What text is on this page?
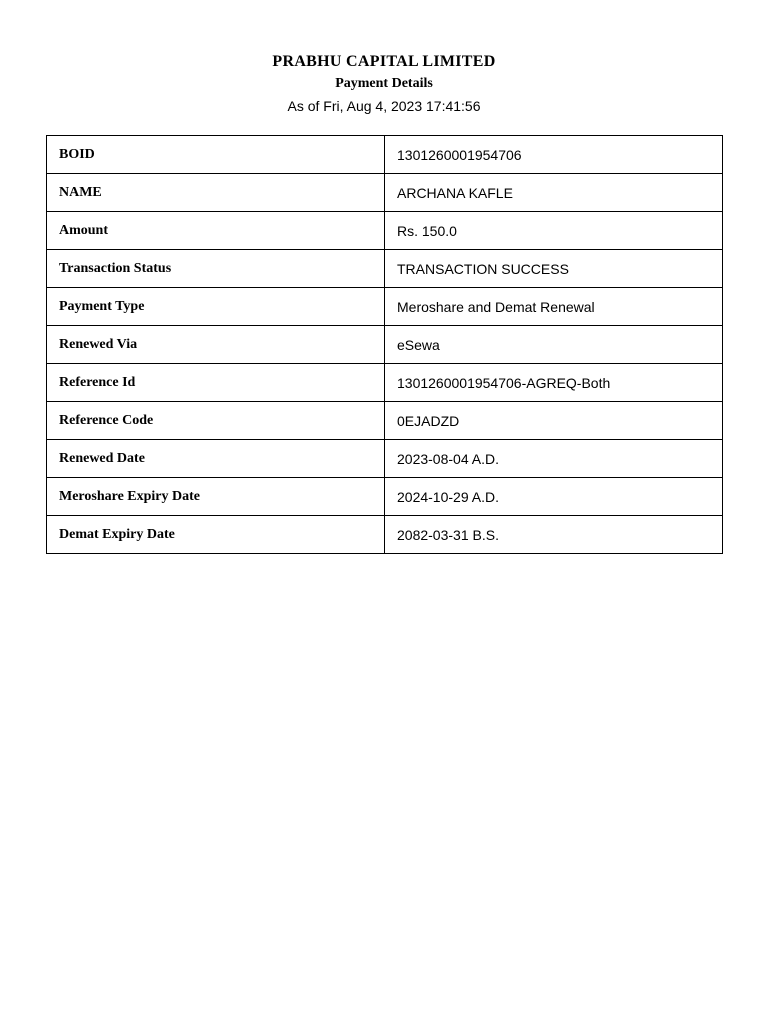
PRABHU CAPITAL LIMITED
Payment Details
As of Fri, Aug 4, 2023 17:41:56
BOID	1301260001954706
NAME	ARCHANA KAFLE
Amount	Rs. 150.0
Transaction Status	TRANSACTION SUCCESS
Payment Type	Meroshare and Demat Renewal
Renewed Via	eSewa
Reference Id	1301260001954706-AGREQ-Both
Reference Code	0EJADZD
Renewed Date	2023-08-04 A.D.
Meroshare Expiry Date	2024-10-29 A.D.
Demat Expiry Date	2082-03-31 B.S.
